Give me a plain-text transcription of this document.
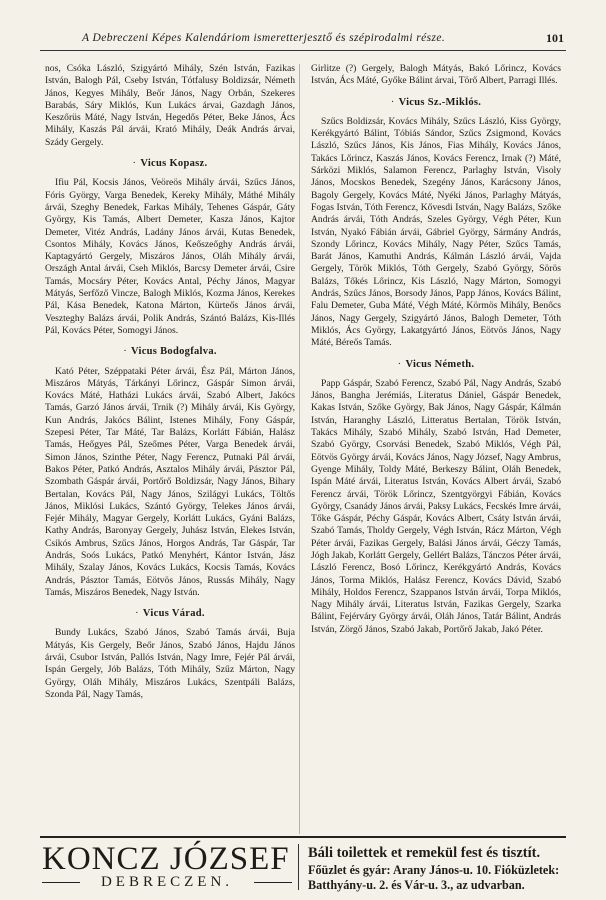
A Debreczeni Képes Kalendáriom ismeretterjesztő és szépirodalmi része.	101

nos, Csóka László, Szigyártó Mihály, Szén István, Fazikas István, Balogh Pál, Cseby István, Tótfalusy Boldizsár, Németh János, Kegyes Mihály, Beőr János, Nagy Orbán, Szekeres Barabás, Sáry Miklós, Kun Lukács árvai, Gazdagh János, Keszőrüs Máté, Nagy István, Hegedős Péter, Beke János, Ács Mihály, Kaszás Pál árvái, Krató Mihály, Deák András árvai, Szády Gergely.

· Vicus Kopasz.

Ifiu Pál, Kocsis János, Veöreös Mihály árvái, Szűcs János, Fóris György, Varga Benedek, Kereky Mihály, Máthé Mihály árvái, Szeghy Benedek, Farkas Mihály, Tehenes Gáspár, Gáty György, Kis Tamás, Albert Demeter, Kasza János, Kajtor Demeter, Vitéz András, Ladány János árvái, Kutas Benedek, Csontos Mihály, Kovács János, Keőszeőghy András árvái, Kaptagyártó Gergely, Miszáros János, Oláh Mihály árvái, Országh Antal árvái, Cseh Miklós, Barcsy Demeter árvái, Csire Tamás, Mocsáry Péter, Kovács Antal, Péchy János, Magyar Mátyás, Serfőző Vincze, Balogh Miklós, Kozma János, Kerekes Pál, Kása Benedek, Katona Márton, Kürteős János árvái, Veszteghy Balázs árvái, Polik András, Szántó Balázs, Kis-Illés Pál, Kovács Péter, Somogyi János.

· Vicus Bodogfalva.

Kató Péter, Széppataki Péter árvái, Ész Pál, Márton János, Miszáros Mátyás, Tárkányi Lőrincz, Gáspár Simon árvái, Kovács Máté, Hatházi Lukács árvái, Szabó Albert, Jakócs Tamás, Garzó János árvái, Trnik (?) Mihály árvái, Kis György, Kun András, Jakócs Bálint, Istenes Mihály, Fony Gáspár, Szepesi Péter, Tar Máté, Tar Balázs, Korlátt Fábián, Halász Tamás, Heőgyes Pál, Szeőmes Péter, Varga Benedek árvái, Simon János, Szinthe Péter, Nagy Ferencz, Putnaki Pál árvái, Bakos Péter, Patkó András, Asztalos Mihály árvái, Pásztor Pál, Szombath Gáspár árvái, Portőrő Boldizsár, Nagy János, Bihary Bertalan, Kovács Pál, Nagy János, Szilágyi Lukács, Töltős János, Miklósi Lukács, Szántó György, Telekes János árvái, Fejér Mihály, Magyar Gergely, Korlátt Lukács, Gyáni Balázs, Kathy András, Baronyay Gergely, Juhász István, Elekes István, Csikós Ambrus, Szűcs János, Horgos András, Tar Gáspár, Tar András, Soós Lukács, Patkó Menyhért, Kántor István, Jász Mihály, Szalay János, Kovács Lukács, Kocsis Tamás, Kovács András, Pásztor Tamás, Eötvös János, Russás Mihály, Nagy Tamás, Miszáros Benedek, Nagy István.

· Vicus Várad.

Bundy Lukács, Szabó János, Szabó Tamás árvái, Buja Mátyás, Kis Gergely, Beőr János, Szabó János, Hajdu János árvái, Csubor István, Pallós István, Nagy Imre, Fejér Pál árvái, Ispán Gergely, Jób Balázs, Tóth Mihály, Szűz Márton, Nagy György, Oláh Mihály, Miszáros Lukács, Szentpáli Balázs, Szonda Pál, Nagy Tamás,

Girlitze (?) Gergely, Balogh Mátyás, Bakó Lőrincz, Kovács István, Ács Máté, Győke Bálint árvai, Törő Albert, Parragi Illés.

· Vicus Sz.-Miklós.

Szűcs Boldizsár, Kovács Mihály, Szűcs László, Kiss György, Kerékgyártó Bálint, Tóbiás Sándor, Szűcs Zsigmond, Kovács László, Szűcs János, Kis János, Fias Mihály, Kovács János, Takács Lőrincz, Kaszás János, Kovács Ferencz, Irnak (?) Máté, Sárközi Miklós, Salamon Ferencz, Parlaghy István, Visoly János, Mocskos Benedek, Szegény János, Karácsony János, Bagoly Gergely, Kovács Máté, Nyéki János, Parlaghy Mátyás, Fogas István, Tóth Ferencz, Kővesdi István, Nagy Balázs, Szőke András árvái, Tóth András, Szeles György, Végh Péter, Kun István, Nyakó Fábián árvái, Gábriel György, Sármány András, Szondy Lőrincz, Kovács Mihály, Nagy Péter, Szűcs Tamás, Barát János, Kamuthi András, Kálmán László árvái, Vajda Gergely, Török Miklós, Tóth Gergely, Szabó György, Sörös Balázs, Tőkés Lőrincz, Kis László, Nagy Márton, Somogyi András, Szűcs János, Borsody János, Papp János, Kovács Bálint, Falu Demeter, Guba Máté, Végh Máté, Körmös Mihály, Benőcs János, Nagy Gergely, Szigyártó János, Balogh Demeter, Tóth Miklós, Ács György, Lakatgyártó János, Eötvös János, Nagy Máté, Béreős Tamás.

· Vicus Németh.

Papp Gáspár, Szabó Ferencz, Szabó Pál, Nagy András, Szabó János, Bangha Jerémiás, Literatus Dániel, Gáspár Benedek, Kakas István, Szőke György, Bak János, Nagy Gáspár, Kálmán István, Haranghy László, Litteratus Bertalan, Török István, Takács Mihály, Szabó Mihály, Szabó István, Had Demeter, Szabó György, Csorvási Benedek, Szabó Miklós, Végh Pál, Eötvös György árvái, Kovács János, Nagy József, Nagy Ambrus, Gyenge Mihály, Toldy Máté, Berkeszy Bálint, Oláh Benedek, Ispán Máté árvái, Literatus István, Kovács Albert árvái, Szabó Ferencz árvái, Török Lőrincz, Szentgyörgyi Fábián, Kovács György, Csanády János árvái, Paksy Lukács, Fecskés Imre árvái, Tőke Gáspár, Péchy Gáspár, Kovács Albert, Csáty István árvái, Szabó Tamás, Tholdy Gergely, Végh István, Rácz Márton, Végh Péter árvái, Fazikas Gergely, Balási János árvái, Géczy Tamás, Jógh Jakab, Korlátt Gergely, Gellért Balázs, Tánczos Péter árvái, László Ferencz, Bosó Lőrincz, Kerékgyártó András, Kovács János, Torma Miklós, Halász Ferencz, Kovács Dávid, Szabó Mihály, Holdos Ferencz, Szappanos István árvái, Torpa Miklós, Nagy Mihály árvái, Literatus István, Fazikas Gergely, Szarka Bálint, Fejérváry György árvái, Oláh János, Tatár Bálint, András István, Zörgő János, Szabó Jakab, Portőrő Jakab, Jakó Péter.

KONCZ JÓZSEF
DEBRECZEN.
Báli toilettek et remekül fest és tisztít.
Főüzlet és gyár: Arany János-u. 10. Fióküzletek:
Batthyány-u. 2. és Vár-u. 3., az udvarban.
